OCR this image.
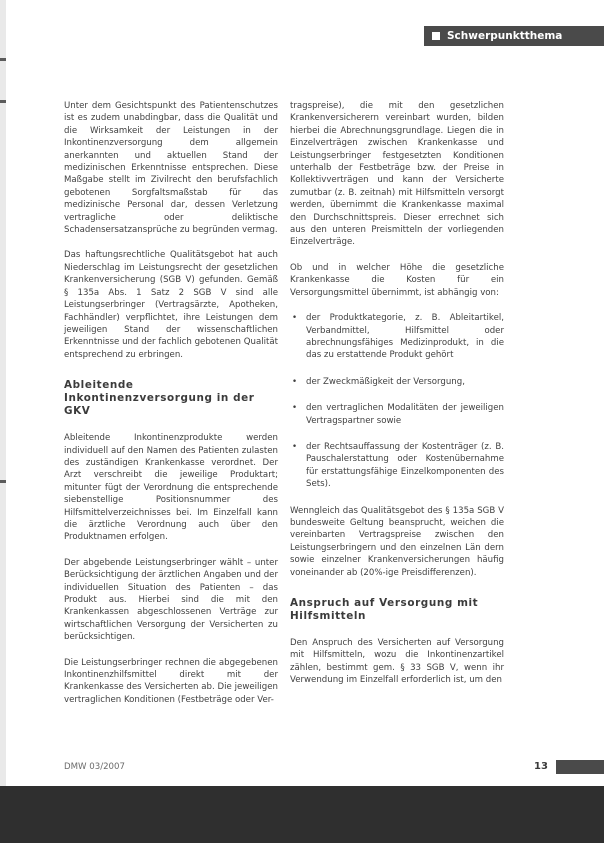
Schwerpunktthema

Unter dem Gesichtspunkt des Patientenschutzes ist es zudem unabdingbar, dass die Qualität und die Wirksamkeit der Leistungen in der Inkontinenzversorgung dem allgemein anerkannten und aktuellen Stand der medizinischen Erkenntnisse entsprechen. Diese Maßgabe stellt im Zivilrecht den berufsfachlich gebotenen Sorgfaltsmaßstab für das medizinische Personal dar, dessen Verletzung vertragliche oder deliktische Schadensersatzansprüche zu begründen vermag.

Das haftungsrechtliche Qualitätsgebot hat auch Niederschlag im Leistungsrecht der gesetzlichen Krankenversicherung (SGB V) gefunden. Gemäß § 135a Abs. 1 Satz 2 SGB V sind alle Leistungserbringer (Vertragsärzte, Apotheken, Fachhändler) verpflichtet, ihre Leistungen dem jeweiligen Stand der wissenschaftlichen Erkenntnisse und der fachlich gebotenen Qualität entsprechend zu erbringen.

Ableitende Inkontinenzversorgung in der GKV

Ableitende Inkontinenzprodukte werden individuell auf den Namen des Patienten zulasten des zuständigen Krankenkasse verordnet. Der Arzt verschreibt die jeweilige Produktart; mitunter fügt der Verordnung die entsprechende siebenstellige Positionsnummer des Hilfsmittelverzeichnisses bei. Im Einzelfall kann die ärztliche Verordnung auch über den Produktnamen erfolgen.

Der abgebende Leistungserbringer wählt – unter Berücksichtigung der ärztlichen Angaben und der individuellen Situation des Patienten – das Produkt aus. Hierbei sind die mit den Krankenkassen abgeschlossenen Verträge zur wirtschaftlichen Versorgung der Versicherten zu berücksichtigen.

Die Leistungserbringer rechnen die abgegebenen Inkontinenzhilfsmittel direkt mit der Krankenkasse des Versicherten ab. Die jeweiligen vertraglichen Konditionen (Festbeträge oder Ver-

tragspreise), die mit den gesetzlichen Krankenversicherern vereinbart wurden, bilden hierbei die Abrechnungsgrundlage. Liegen die in Einzelverträgen zwischen Krankenkasse und Leistungserbringer festgesetzten Konditionen unterhalb der Festbeträge bzw. der Preise in Kollektivverträgen und kann der Versicherte zumutbar (z. B. zeitnah) mit Hilfsmitteln versorgt werden, übernimmt die Krankenkasse maximal den Durchschnittspreis. Dieser errechnet sich aus den unteren Preismitteln der vorliegenden Einzelverträge.

Ob und in welcher Höhe die gesetzliche Krankenkasse die Kosten für ein Versorgungsmittel übernimmt, ist abhängig von:

• der Produktkategorie, z. B. Ableitartikel, Verbandmittel, Hilfsmittel oder abrechnungsfähiges Medizinprodukt, in die das zu erstattende Produkt gehört
• der Zweckmäßigkeit der Versorgung,
• den vertraglichen Modalitäten der jeweiligen Vertragspartner sowie
• der Rechtsauffassung der Kostenträger (z. B. Pauschalerstattung oder Kostenübernahme für erstattungsfähige Einzelkomponenten des Sets).

Wenngleich das Qualitätsgebot des § 135a SGB V bundesweite Geltung beansprucht, weichen die vereinbarten Vertragspreise zwischen den Leistungserbringern und den einzelnen Län dern sowie einzelner Krankenversicherungen häufig voneinander ab (20%-ige Preisdifferenzen).

Anspruch auf Versorgung mit Hilfsmitteln

Den Anspruch des Versicherten auf Versorgung mit Hilfsmitteln, wozu die Inkontinenzartikel zählen, bestimmt gem. § 33 SGB V, wenn ihr Verwendung im Einzelfall erforderlich ist, um den

DMW 03/2007	13
